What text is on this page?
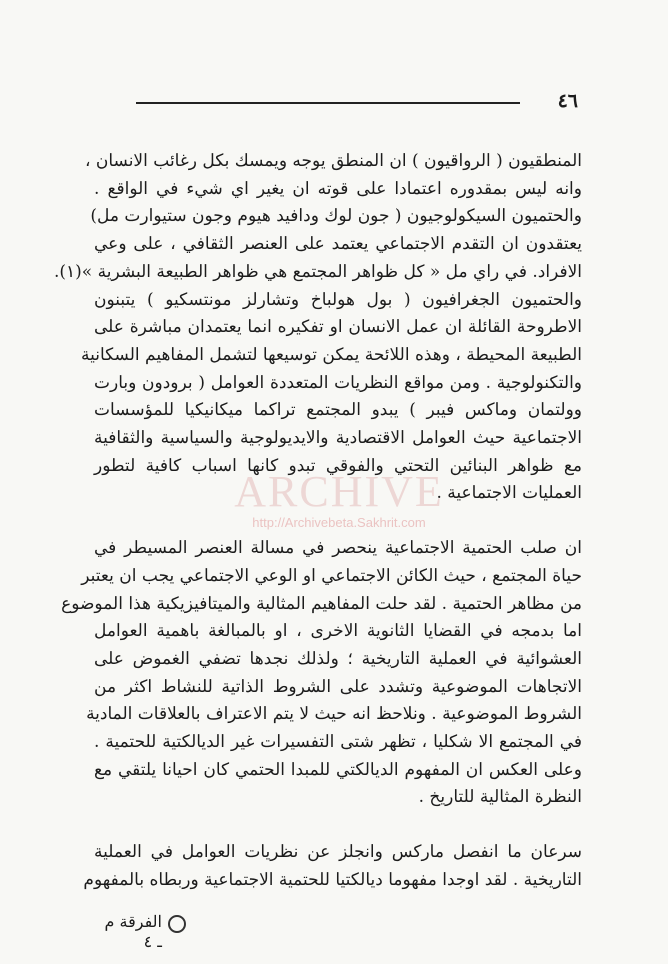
٤٦
المنطقيون ( الرواقيون ) ان المنطق يوجه ويمسك بكل رغائب الانسان ،
وانه ليس بمقدوره اعتمادا على قوته ان يغير اي شيء في الواقع .
والحتميون السيكولوجيون ( جون لوك ودافيد هيوم وجون ستيوارت مل)
يعتقدون ان التقدم الاجتماعي يعتمد على العنصر الثقافي ، على وعي
الافراد. في راي مل « كل ظواهر المجتمع هي ظواهر الطبيعة البشرية »(١).
والحتميون الجغرافيون ( بول هولباخ وتشارلز مونتسكيو ) يتبنون
الاطروحة القائلة ان عمل الانسان او تفكيره انما يعتمدان مباشرة على
الطبيعة المحيطة ، وهذه اللائحة يمكن توسيعها لتشمل المفاهيم السكانية
والتكنولوجية . ومن مواقع النظريات المتعددة العوامل ( برودون وبارت
وولتمان وماكس فيبر ) يبدو المجتمع تراكما ميكانيكيا للمؤسسات
الاجتماعية حيث العوامل الاقتصادية والايديولوجية والسياسية والثقافية
مع ظواهر البنائين التحتي والفوقي تبدو كانها اسباب كافية لتطور
العمليات الاجتماعية .
ان صلب الحتمية الاجتماعية ينحصر في مسالة العنصر المسيطر في
حياة المجتمع ، حيث الكائن الاجتماعي او الوعي الاجتماعي يجب ان يعتبر
من مظاهر الحتمية . لقد حلت المفاهيم المثالية والميتافيزيكية هذا الموضوع
اما بدمجه في القضايا الثانوية الاخرى ، او بالمبالغة باهمية العوامل
العشوائية في العملية التاريخية ؛ ولذلك نجدها تضفي الغموض على
الاتجاهات الموضوعية وتشدد على الشروط الذاتية للنشاط اكثر من
الشروط الموضوعية . ونلاحظ انه حيث لا يتم الاعتراف بالعلاقات المادية
في المجتمع الا شكليا ، تظهر شتى التفسيرات غير الديالكتية للحتمية .
وعلى العكس ان المفهوم الديالكتي للمبدا الحتمي كان احيانا يلتقي مع
النظرة المثالية للتاريخ .
سرعان ما انفصل ماركس وانجلز عن نظريات العوامل في العملية
التاريخية . لقد اوجدا مفهوما ديالكتيا للحتمية الاجتماعية وربطاه بالمفهوم
ARCHIVE
http://Archivebeta.Sakhrit.com
الفرقة م ـ ٤
